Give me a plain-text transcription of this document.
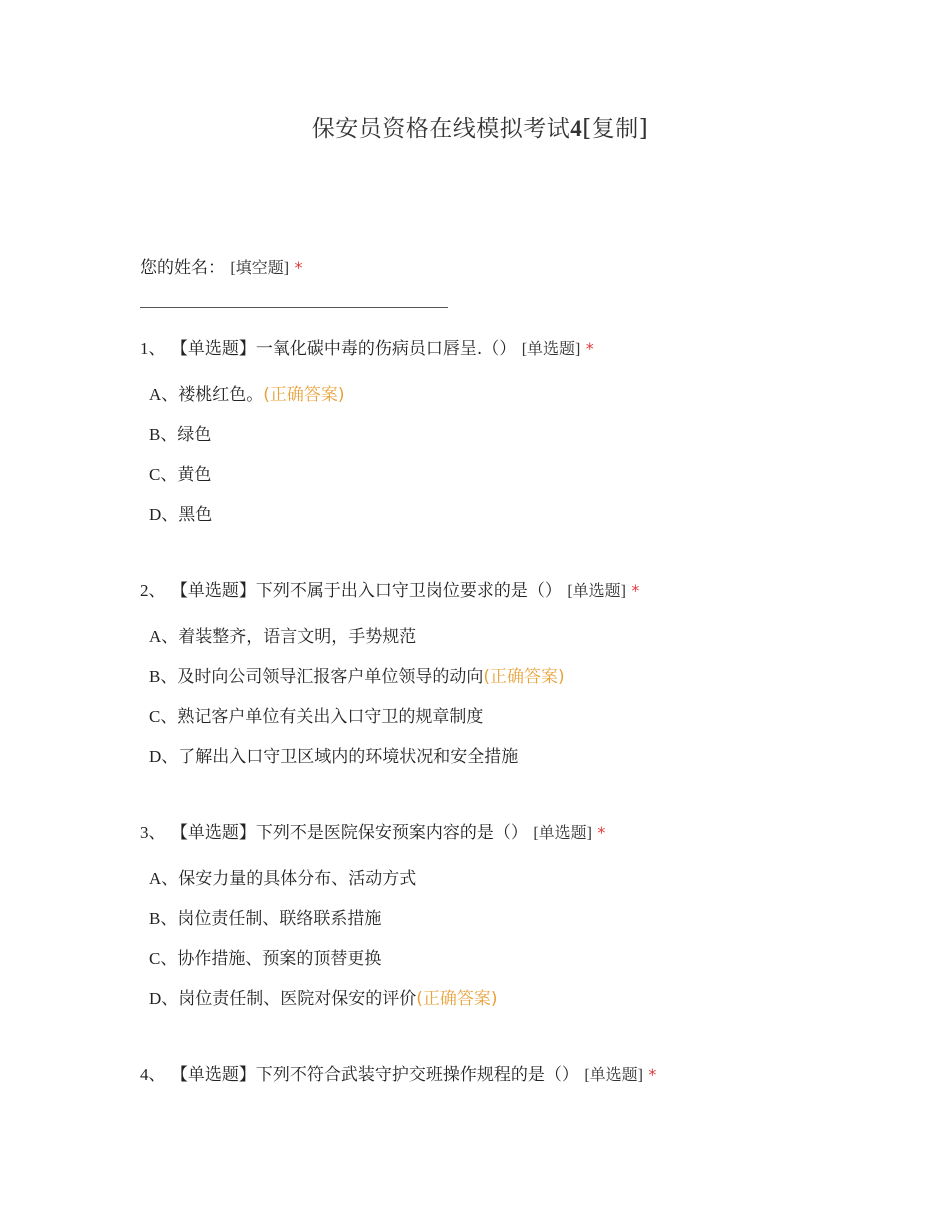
保安员资格在线模拟考试4[复制]
您的姓名： [填空题] *
1、 【单选题】一氧化碳中毒的伤病员口唇呈.（） [单选题] *
A、褛桃红色。(正确答案)
B、绿色
C、黄色
D、黑色
2、 【单选题】下列不属于出入口守卫岗位要求的是（） [单选题] *
A、着装整齐，语言文明，手势规范
B、及时向公司领导汇报客户单位领导的动向(正确答案)
C、熟记客户单位有关出入口守卫的规章制度
D、了解出入口守卫区域内的环境状况和安全措施
3、 【单选题】下列不是医院保安预案内容的是（） [单选题] *
A、保安力量的具体分布、活动方式
B、岗位责任制、联络联系措施
C、协作措施、预案的顶替更换
D、岗位责任制、医院对保安的评价(正确答案)
4、 【单选题】下列不符合武装守护交班操作规程的是（） [单选题] *
